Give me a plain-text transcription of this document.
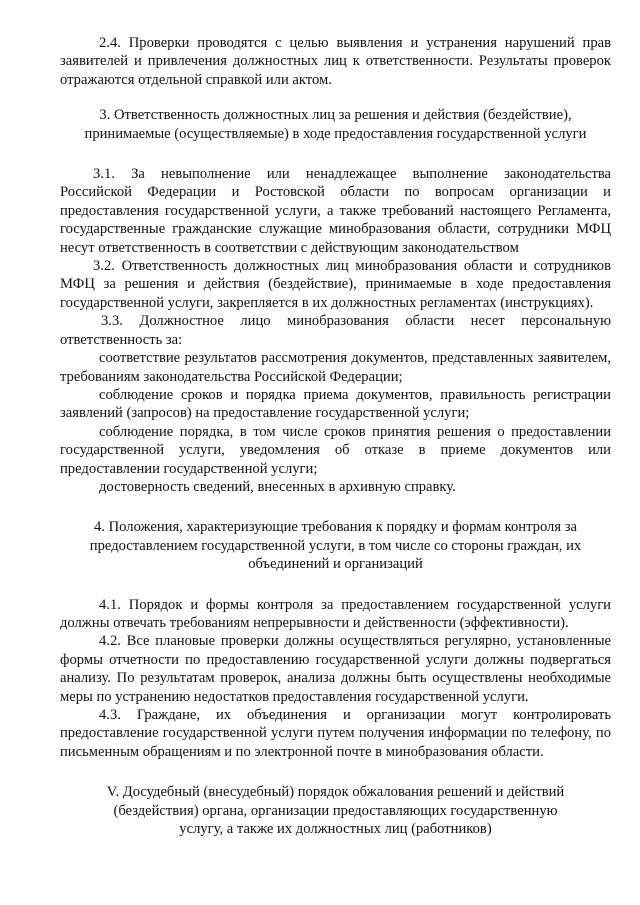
2.4. Проверки проводятся с целью выявления и устранения нарушений прав заявителей и привлечения должностных лиц к ответственности. Результаты проверок отражаются отдельной справкой или актом.

3. Ответственность должностных лиц за решения и действия (бездействие), принимаемые (осуществляемые) в ходе предоставления государственной услуги

3.1. За невыполнение или ненадлежащее выполнение законодательства Российской Федерации и Ростовской области по вопросам организации и предоставления государственной услуги, а также требований настоящего Регламента, государственные гражданские служащие минобразования области, сотрудники МФЦ несут ответственность в соответствии с действующим законодательством

3.2. Ответственность должностных лиц минобразования области и сотрудников МФЦ за решения и действия (бездействие), принимаемые в ходе предоставления государственной услуги, закрепляется в их должностных регламентах (инструкциях).

3.3. Должностное лицо минобразования области несет персональную ответственность за:

соответствие результатов рассмотрения документов, представленных заявителем, требованиям законодательства Российской Федерации;

соблюдение сроков и порядка приема документов, правильность регистрации заявлений (запросов) на предоставление государственной услуги;

соблюдение порядка, в том числе сроков принятия решения о предоставлении государственной услуги, уведомления об отказе в приеме документов или предоставлении государственной услуги;

достоверность сведений, внесенных в архивную справку.

4. Положения, характеризующие требования к порядку и формам контроля за предоставлением государственной услуги, в том числе со стороны граждан, их объединений и организаций

4.1. Порядок и формы контроля за предоставлением государственной услуги должны отвечать требованиям непрерывности и действенности (эффективности).

4.2. Все плановые проверки должны осуществляться регулярно, установленные формы отчетности по предоставлению государственной услуги должны подвергаться анализу. По результатам проверок, анализа должны быть осуществлены необходимые меры по устранению недостатков предоставления государственной услуги.

4.3. Граждане, их объединения и организации могут контролировать предоставление государственной услуги путем получения информации по телефону, по письменным обращениям и по электронной почте в минобразования области.

V. Досудебный (внесудебный) порядок обжалования решений и действий (бездействия) органа, организации предоставляющих государственную услугу, а также их должностных лиц (работников)
